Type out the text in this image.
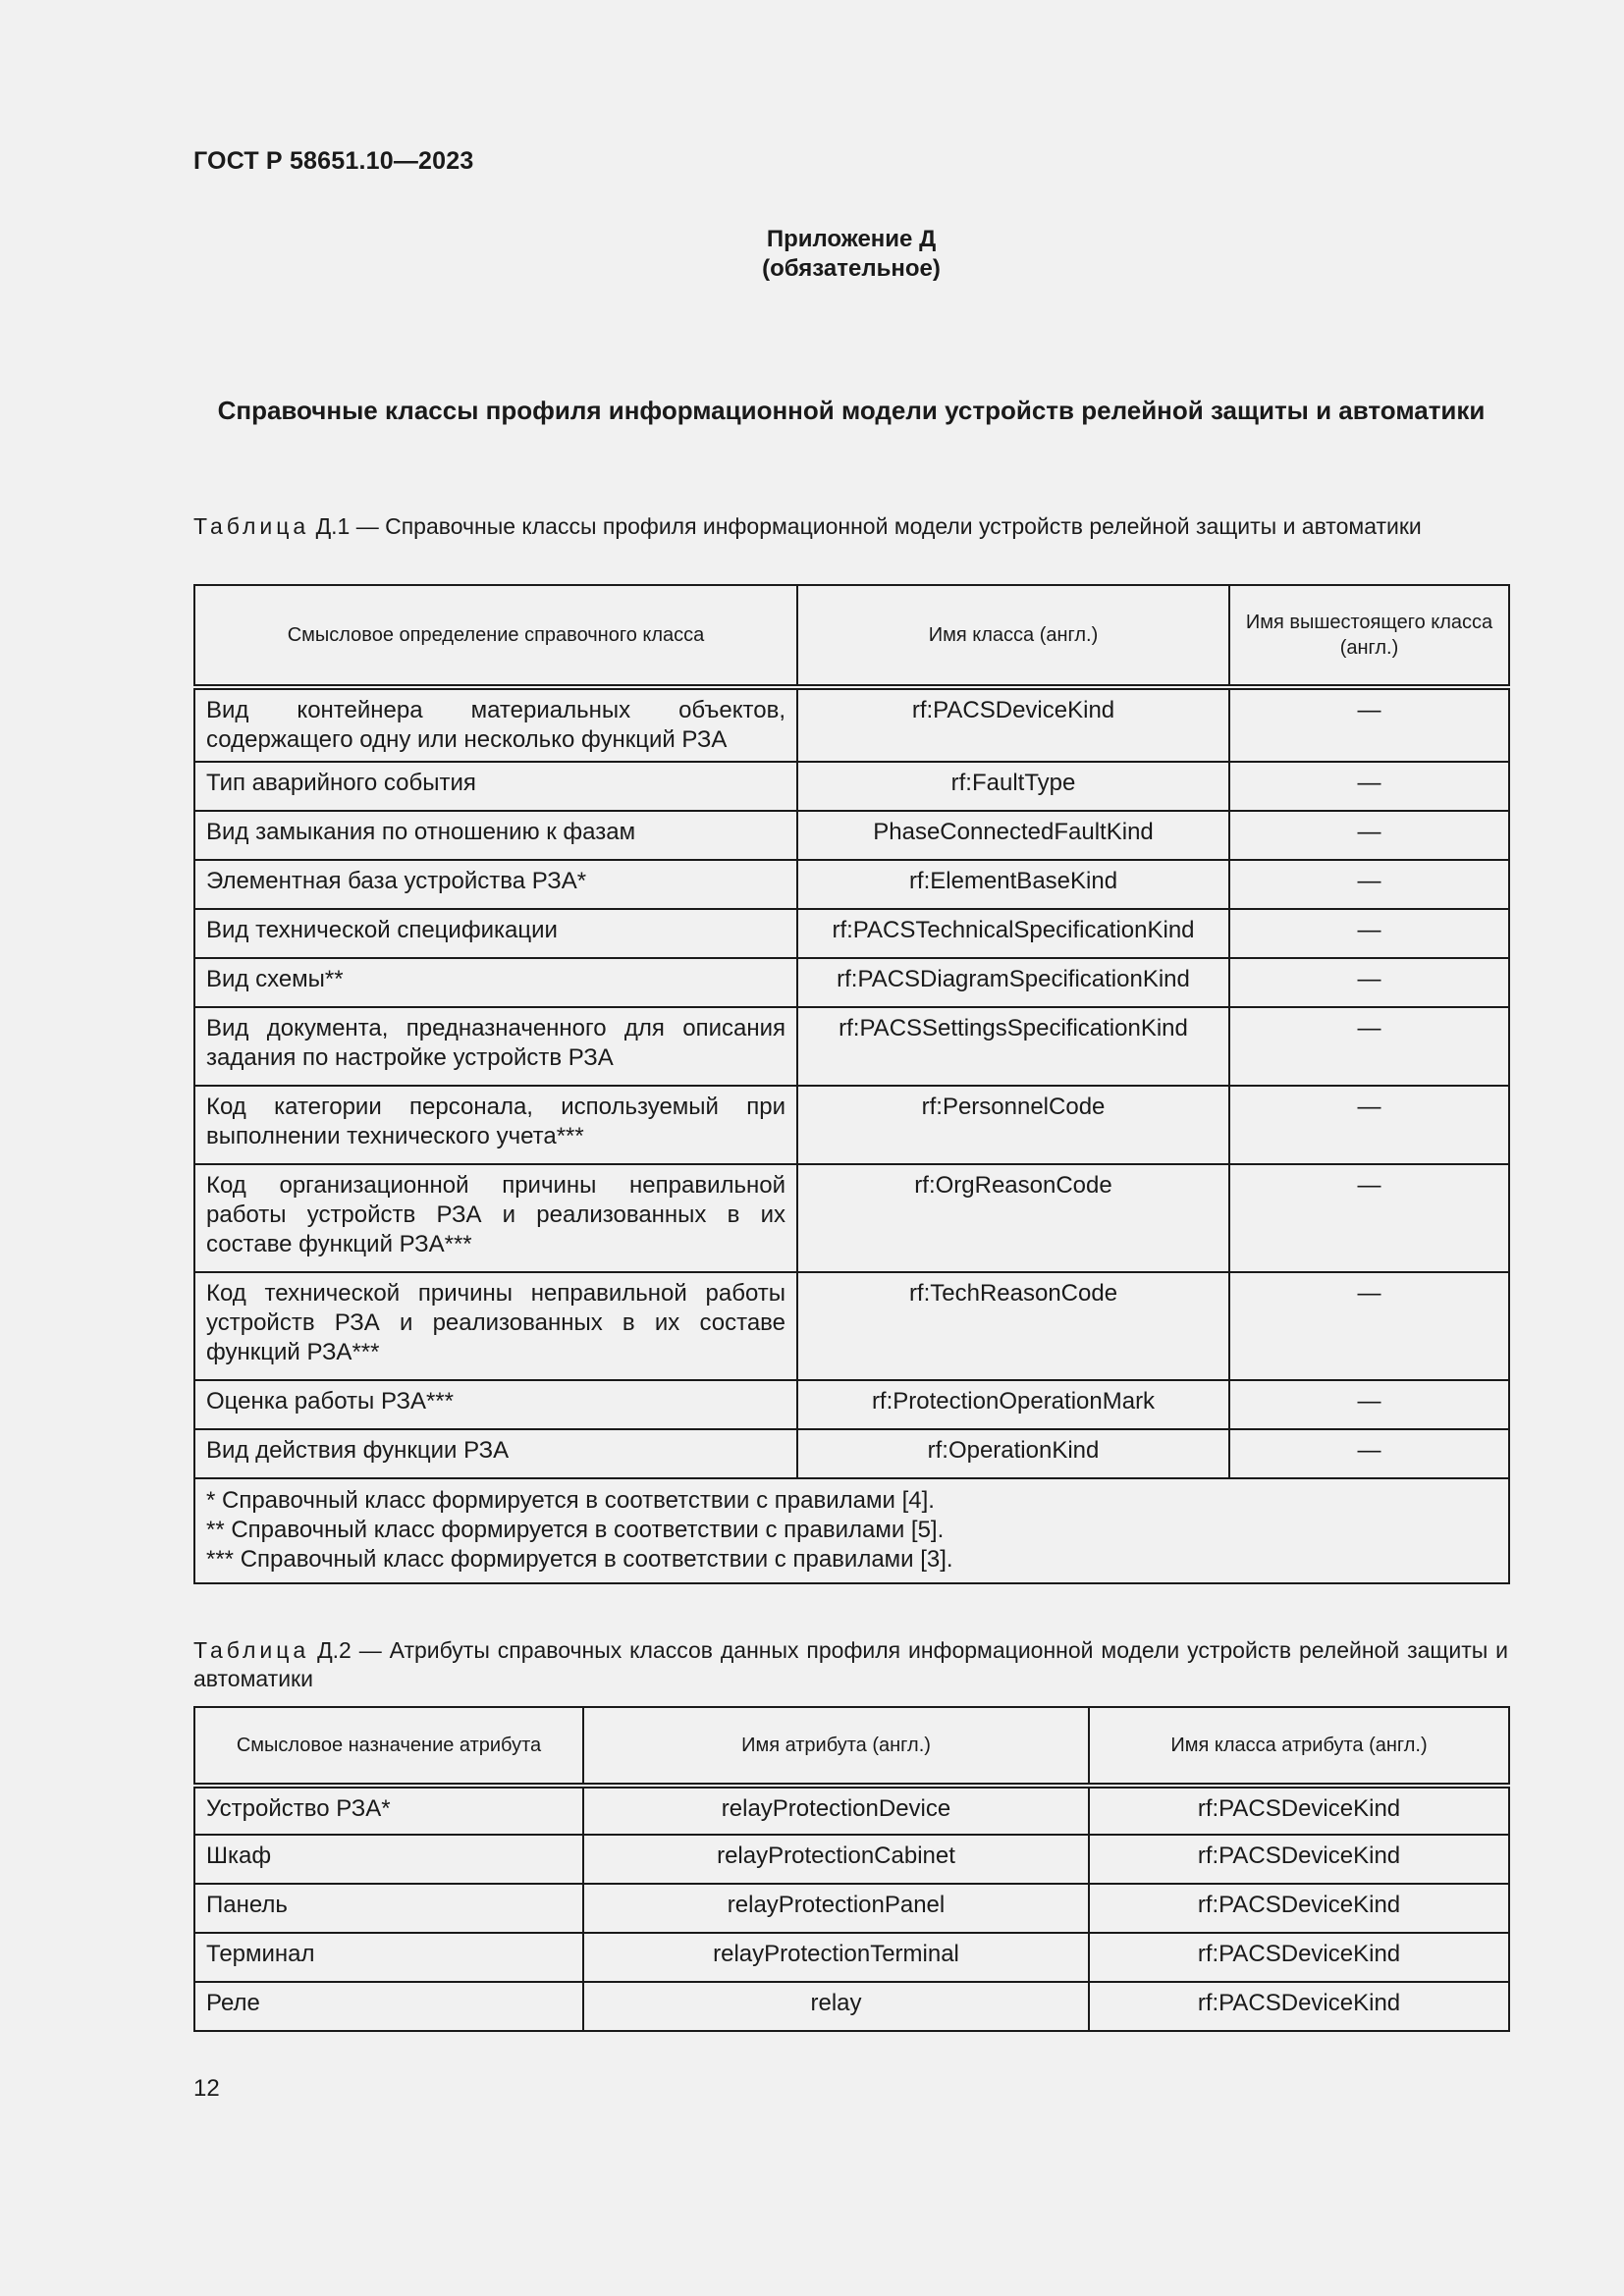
ГОСТ Р 58651.10—2023
Приложение Д
(обязательное)
Справочные классы профиля информационной модели устройств релейной защиты и автоматики
Таблица Д.1 — Справочные классы профиля информационной модели устройств релейной защиты и автоматики
Смысловое определение справочного класса	Имя класса (англ.)	Имя вышестоящего класса (англ.)
Вид контейнера материальных объектов, содержащего одну или несколько функций РЗА	rf:PACSDeviceKind	—
Тип аварийного события	rf:FaultType	—
Вид замыкания по отношению к фазам	PhaseConnectedFaultKind	—
Элементная база устройства РЗА*	rf:ElementBaseKind	—
Вид технической спецификации	rf:PACSTechnicalSpecificationKind	—
Вид схемы**	rf:PACSDiagramSpecificationKind	—
Вид документа, предназначенного для описания задания по настройке устройств РЗА	rf:PACSSettingsSpecificationKind	—
Код категории персонала, используемый при выполнении технического учета***	rf:PersonnelCode	—
Код организационной причины неправильной работы устройств РЗА и реализованных в их составе функций РЗА***	rf:OrgReasonCode	—
Код технической причины неправильной работы устройств РЗА и реализованных в их составе функций РЗА***	rf:TechReasonCode	—
Оценка работы РЗА***	rf:ProtectionOperationMark	—
Вид действия функции РЗА	rf:OperationKind	—

* Справочный класс формируется в соответствии с правилами [4].
** Справочный класс формируется в соответствии с правилами [5].
*** Справочный класс формируется в соответствии с правилами [3].		
Таблица Д.2 — Атрибуты справочных классов данных профиля информационной модели устройств релейной защиты и автоматики
Смысловое назначение атрибута	Имя атрибута (англ.)	Имя класса атрибута (англ.)
Устройство РЗА*	relayProtectionDevice	rf:PACSDeviceKind
Шкаф	relayProtectionCabinet	rf:PACSDeviceKind
Панель	relayProtectionPanel	rf:PACSDeviceKind
Терминал	relayProtectionTerminal	rf:PACSDeviceKind
Реле	relay	rf:PACSDeviceKind
12
